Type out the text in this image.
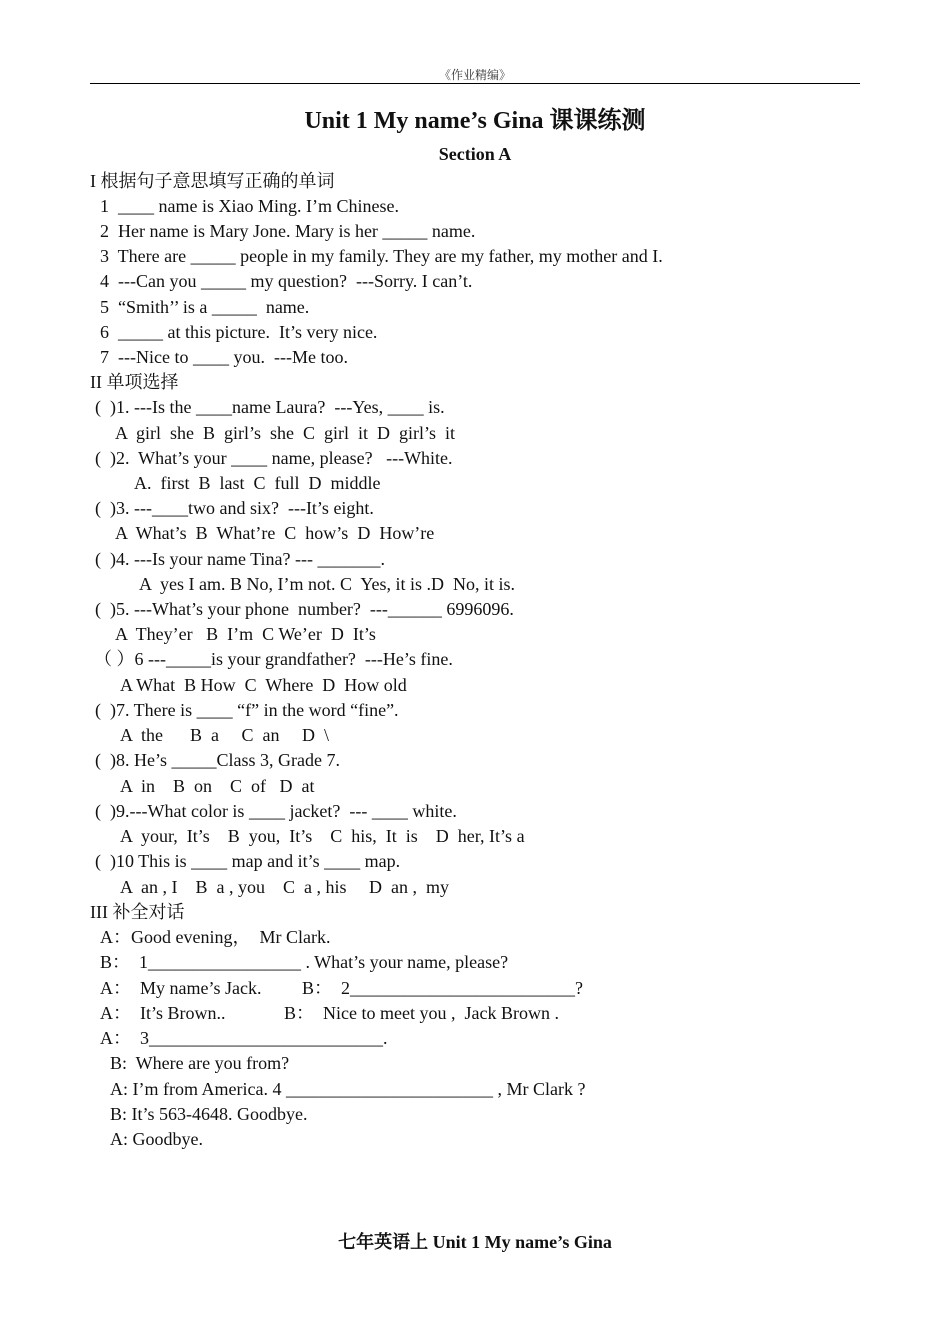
《作业精编》
Unit 1 My name’s Gina 课课练测
Section A
I 根据句子意思填写正确的单词
1  ____ name is Xiao Ming. I’m Chinese.
2  Her name is Mary Jone. Mary is her _____ name.
3  There are _____ people in my family. They are my father, my mother and I.
4  ---Can you _____ my question?  ---Sorry. I can’t.
5  “Smith’’ is a _____  name.
6  _____ at this picture.  It’s very nice.
7  ---Nice to ____ you.  ---Me too.
II 单项选择
(  )1. ---Is the ____name Laura?  ---Yes, ____ is.
A  girl  she  B  girl’s  she  C  girl  it  D  girl’s  it
(  )2.  What’s your ____ name, please?   ---White.
A.  first  B  last  C  full  D  middle
(  )3. ---____two and six?  ---It’s eight.
A  What’s  B  What’re  C  how’s  D  How’re
(  )4. ---Is your name Tina? --- _______.
A  yes I am. B No, I’m not. C  Yes, it is .D  No, it is.
(  )5. ---What’s your phone  number?  ---______ 6996096.
A  They’er   B  I’m  C We’er  D  It’s
（ ）6 ---_____is your grandfather?  ---He’s fine.
A What  B How  C  Where  D  How old
(  )7. There is ____ “f” in the word “fine”.
A  the      B  a     C  an     D  \
(  )8. He’s _____Class 3, Grade 7.
A  in    B  on    C  of   D  at
(  )9.---What color is ____ jacket?  --- ____ white.
A  your,  It’s    B  you,  It’s    C  his,  It  is    D  her, It’s a
(  )10 This is ____ map and it’s ____ map.
A  an , I    B  a , you    C  a , his     D  an ,  my
III 补全对话
A：Good evening，  Mr Clark.
B：  1_________________ . What’s your name, please?
A：  My name’s Jack.         B：  2_________________________?
A：  It’s Brown..             B：  Nice to meet you ,  Jack Brown .
A：  3__________________________.
B:  Where are you from?
A: I’m from America. 4 _______________________ , Mr Clark ?
B: It’s 563-4648. Goodbye.
A: Goodbye.
七年英语上 Unit 1 My name’s Gina
